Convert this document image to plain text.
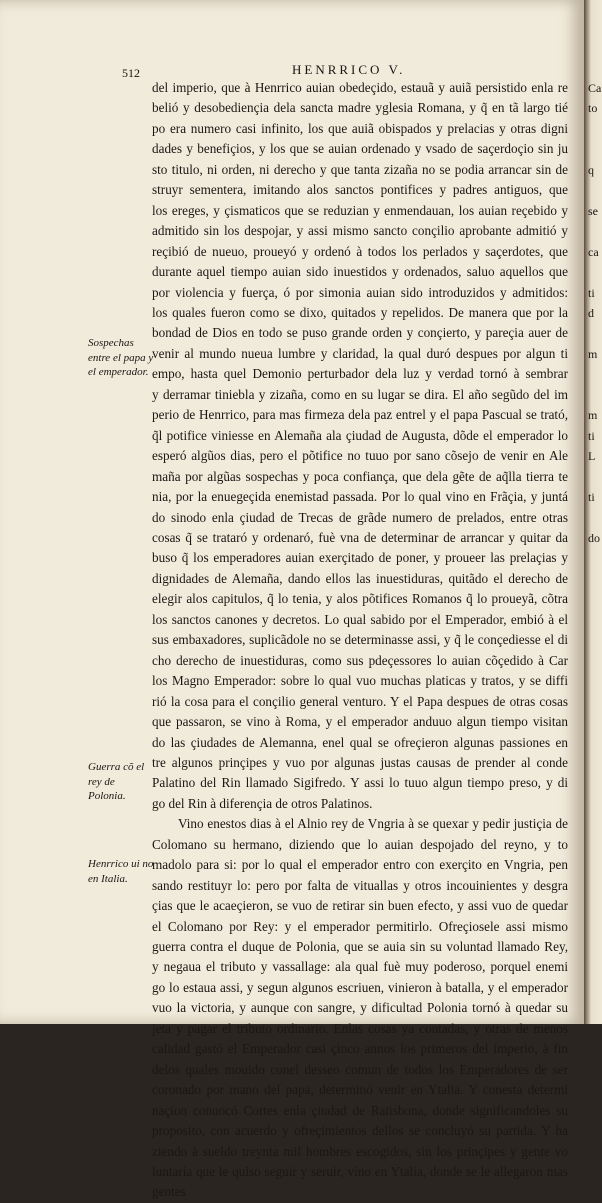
512	HENRRICO V.
Sospechas entre el papa y el emperador.
Guerra cõ el rey de Polonia.
Henrrico ui no en Italia.
del imperio, que à Henrrico auian obedeçido, estauã y auiã persistido enla re
belió y desobediençia dela sancta madre yglesia Romana, y q̃ en tã largo tié
po era numero casi infinito, los que auiã obispados y prelacias y otras digni
dades y benefiçios, y los que se auian ordenado y vsado de saçerdoçio sin ju
sto titulo, ni orden, ni derecho y que tanta zizaña no se podia arrancar sin de
struyr sementera, imitando alos sanctos pontifices y padres antiguos, que
los ereges, y çismaticos que se reduzian y enmendauan, los auian reçebido y
admitido sin los despojar, y assi mismo sancto conçilio aprobante admitió y
reçibió de nueuo, proueyó y ordenó à todos los perlados y saçerdotes, que
durante aquel tiempo auian sido inuestidos y ordenados, saluo aquellos que
por violencia y fuerça, ó por simonia auian sido introduzidos y admitidos:
los quales fueron como se dixo, quitados y repelidos. De manera que por la
bondad de Dios en todo se puso grande orden y conçierto, y pareçia auer de
venir al mundo nueua lumbre y claridad, la qual duró despues por algun ti
empo, hasta quel Demonio perturbador dela luz y verdad tornó à sembrar
y derramar tiniebla y zizaña, como en su lugar se dira. El año segũdo del im
perio de Henrrico, para mas firmeza dela paz entrel y el papa Pascual se trató,
q̃l potifice viniesse en Alemaña ala çiudad de Augusta, dõde el emperador lo
esperó algũos dias, pero el põtifice no tuuo por sano cõsejo de venir en Ale
maña por algũas sospechas y poca confiança, que dela gẽte de aq̃lla tierra te
nia, por la enuegeçida enemistad passada. Por lo qual vino en Frãçia, y juntá
do sinodo enla çiudad de Trecas de grãde numero de prelados, entre otras
cosas q̃ se trataró y ordenaró, fuè vna de determinar de arrancar y quitar da
buso q̃ los emperadores auian exerçitado de poner, y proueer las prelaçias y
dignidades de Alemaña, dando ellos las inuestiduras, quitãdo el derecho de
elegir alos capitulos, q̃ lo tenia, y alos põtifices Romanos q̃ lo proueyã, cõtra
los sanctos canones y decretos. Lo qual sabido por el Emperador, embió à el
sus embaxadores, suplicãdole no se determinasse assi, y q̃ le conçediesse el di
cho derecho de inuestiduras, como sus pdeçessores lo auian cõçedido à Car
los Magno Emperador: sobre lo qual vuo muchas platicas y tratos, y se diffi
rió la cosa para el conçilio general venturo. Y el Papa despues de otras cosas
que passaron, se vino à Roma, y el emperador anduuo algun tiempo visitan
do las çiudades de Alemanna, enel qual se ofreçieron algunas passiones en
tre algunos prinçipes y vuo por algunas justas causas de prender al conde
Palatino del Rin llamado Sigifredo. Y assi lo tuuo algun tiempo preso, y di
go del Rin à diferençia de otros Palatinos.
Vino enestos dias à el Alnio rey de Vngria à se quexar y pedir justiçia de
Colomano su hermano, diziendo que lo auian despojado del reyno, y to
madolo para si: por lo qual el emperador entro con exerçito en Vngria, pen
sando restituyr lo: pero por falta de vituallas y otros incouinientes y desgra
çias que le acaeçieron, se vuo de retirar sin buen efecto, y assi vuo de quedar
el Colomano por Rey: y el emperador permitirlo. Ofreçiosele assi mismo
guerra contra el duque de Polonia, que se auia sin su voluntad llamado Rey,
y negaua el tributo y vassallage: ala qual fuè muy poderoso, porquel enemi
go lo estaua assi, y segun algunos escriuen, vinieron à batalla, y el emperador
vuo la victoria, y aunque con sangre, y dificultad Polonia tornó à quedar su
jeta y pagar el tributo ordinario. Enlas cosas ya contadas, y otras de menos
calidad gastó el Emperador casi çinco annos los primeros del imperio, à fin
delos quales mouido conel desseo comun de todos los Emperadores de ser
coronado por mano del papa, determinó venir en Ytalia. Y conesta determi
naçion conuocó Cortes enla çiudad de Ratisbona, donde significandoles su
proposito, con acuerdo y ofreçimientos dellos se concluyó su partida. Y ha
ziendo à sueldo treynta mil hombres escogidos, sin los prinçipes y gente vo
luntaria que le quiso seguir y seruir, vino en Ytalia, donde se le allegaron mas
gentes
Ca
to
q
se
ca
ti
d
m
m
ti
L
ti
do
